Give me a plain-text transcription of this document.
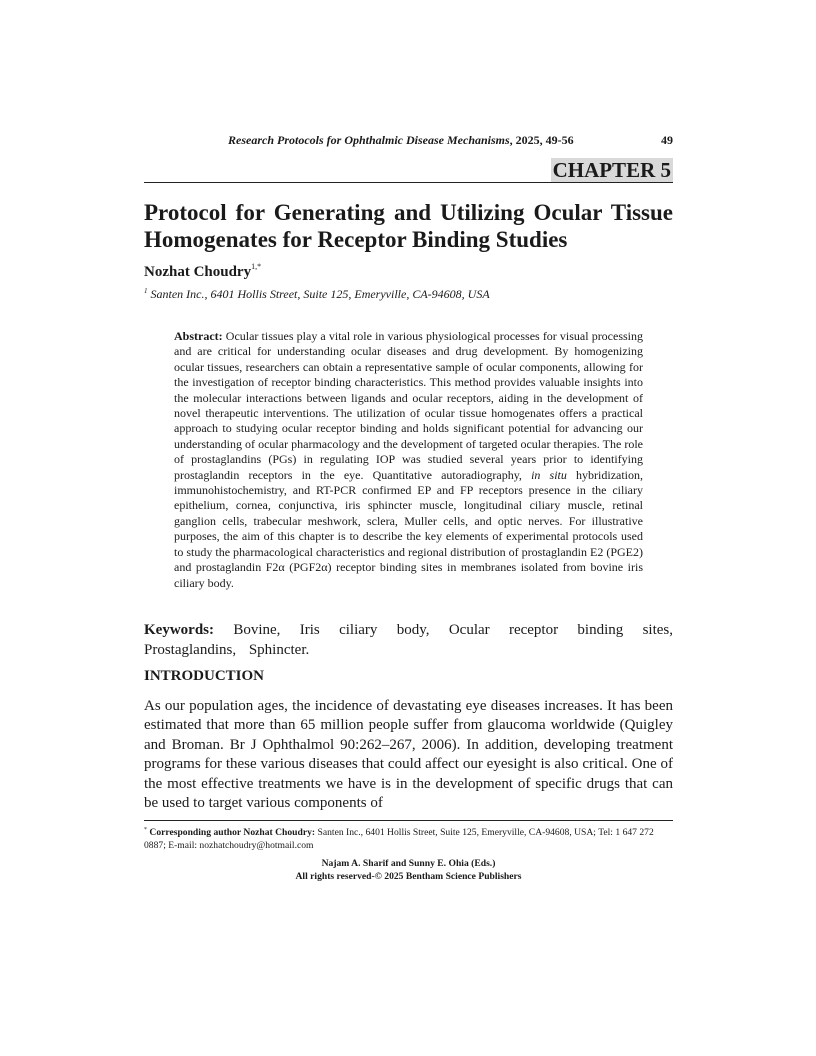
Research Protocols for Ophthalmic Disease Mechanisms, 2025, 49-56	49
CHAPTER 5
Protocol for Generating and Utilizing Ocular Tissue Homogenates for Receptor Binding Studies
Nozhat Choudry$^{1,*}$
$^1$ Santen Inc., 6401 Hollis Street, Suite 125, Emeryville, CA-94608, USA

Abstract: Ocular tissues play a vital role in various physiological processes for visual processing and are critical for understanding ocular diseases and drug development. By homogenizing ocular tissues, researchers can obtain a representative sample of ocular components, allowing for the investigation of receptor binding characteristics. This method provides valuable insights into the molecular interactions between ligands and ocular receptors, aiding in the development of novel therapeutic interventions. The utilization of ocular tissue homogenates offers a practical approach to studying ocular receptor binding and holds significant potential for advancing our understanding of ocular pharmacology and the development of targeted ocular therapies. The role of prostaglandins (PGs) in regulating IOP was studied several years prior to identifying prostaglandin receptors in the eye. Quantitative autoradiography, in situ hybridization, immunohistochemistry, and RT-PCR confirmed EP and FP receptors presence in the ciliary epithelium, cornea, conjunctiva, iris sphincter muscle, longitudinal ciliary muscle, retinal ganglion cells, trabecular meshwork, sclera, Muller cells, and optic nerves. For illustrative purposes, the aim of this chapter is to describe the key elements of experimental protocols used to study the pharmacological characteristics and regional distribution of prostaglandin E2 (PGE2) and prostaglandin F2α (PGF2α) receptor binding sites in membranes isolated from bovine iris ciliary body.

Keywords: Bovine, Iris ciliary body, Ocular receptor binding sites, Prostaglandins, Sphincter.

INTRODUCTION

As our population ages, the incidence of devastating eye diseases increases. It has been estimated that more than 65 million people suffer from glaucoma worldwide (Quigley and Broman. Br J Ophthalmol 90:262–267, 2006). In addition, developing treatment programs for these various diseases that could affect our eyesight is also critical. One of the most effective treatments we have is in the development of specific drugs that can be used to target various components of

* Corresponding author Nozhat Choudry: Santen Inc., 6401 Hollis Street, Suite 125, Emeryville, CA-94608, USA; Tel: 1 647 272 0887; E-mail: nozhatchoudry@hotmail.com

Najam A. Sharif and Sunny E. Ohia (Eds.)
All rights reserved-© 2025 Bentham Science Publishers
